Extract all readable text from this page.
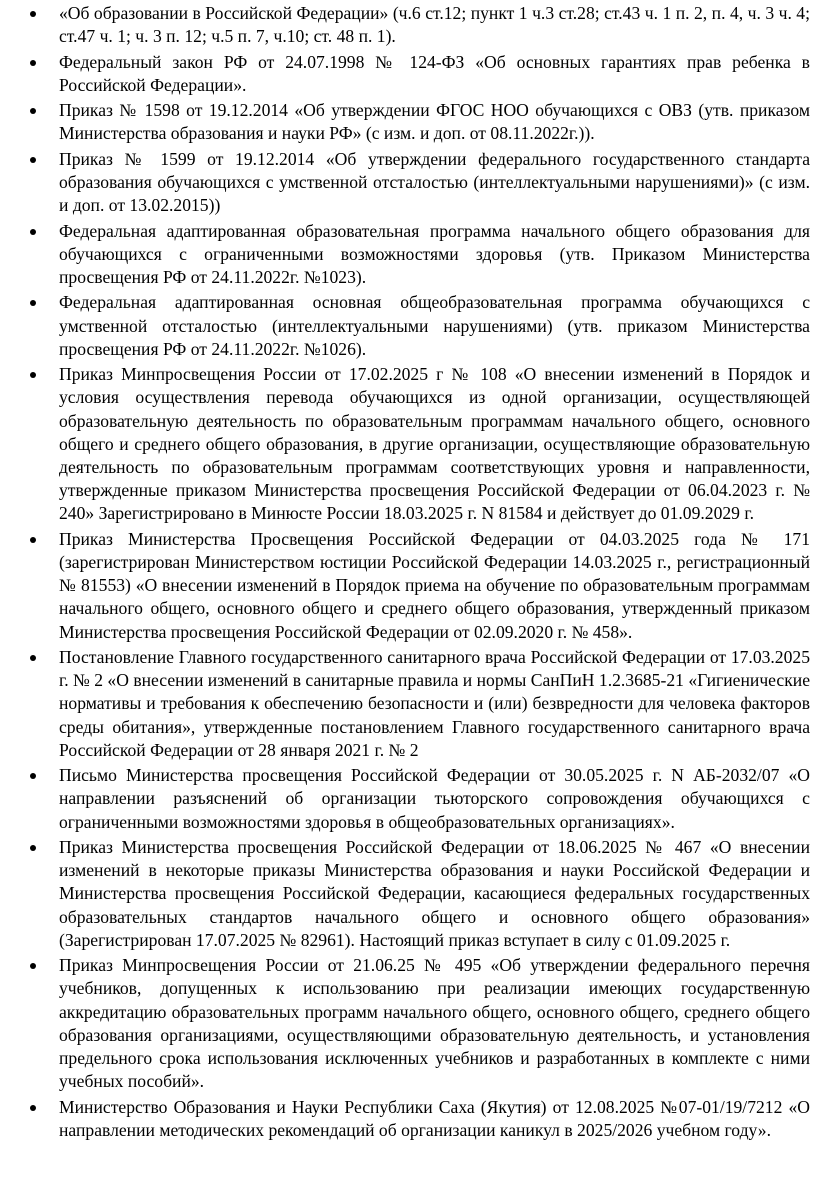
«Об образовании в Российской Федерации» (ч.6 ст.12; пункт 1 ч.3 ст.28; ст.43 ч. 1 п. 2, п. 4, ч. 3 ч. 4; ст.47 ч. 1; ч. 3 п. 12; ч.5 п. 7, ч.10; ст. 48 п. 1).
Федеральный закон РФ от 24.07.1998 № 124-ФЗ «Об основных гарантиях прав ребенка в Российской Федерации».
Приказ № 1598 от 19.12.2014 «Об утверждении ФГОС НОО обучающихся с ОВЗ (утв. приказом Министерства образования и науки РФ» (с изм. и доп. от 08.11.2022г.)).
Приказ № 1599 от 19.12.2014 «Об утверждении федерального государственного стандарта образования обучающихся с умственной отсталостью (интеллектуальными нарушениями)» (с изм. и доп. от 13.02.2015))
Федеральная адаптированная образовательная программа начального общего образования для обучающихся с ограниченными возможностями здоровья (утв. Приказом Министерства просвещения РФ от 24.11.2022г. №1023).
Федеральная адаптированная основная общеобразовательная программа обучающихся с умственной отсталостью (интеллектуальными нарушениями) (утв. приказом Министерства просвещения РФ от 24.11.2022г. №1026).
Приказ Минпросвещения России от 17.02.2025 г № 108 «О внесении изменений в Порядок и условия осуществления перевода обучающихся из одной организации, осуществляющей образовательную деятельность по образовательным программам начального общего, основного общего и среднего общего образования, в другие организации, осуществляющие образовательную деятельность по образовательным программам соответствующих уровня и направленности, утвержденные приказом Министерства просвещения Российской Федерации от 06.04.2023 г. № 240» Зарегистрировано в Минюсте России 18.03.2025 г. N 81584 и действует до 01.09.2029 г.
Приказ Министерства Просвещения Российской Федерации от 04.03.2025 года № 171 (зарегистрирован Министерством юстиции Российской Федерации 14.03.2025 г., регистрационный № 81553) «О внесении изменений в Порядок приема на обучение по образовательным программам начального общего, основного общего и среднего общего образования, утвержденный приказом Министерства просвещения Российской Федерации от 02.09.2020 г. № 458».
Постановление Главного государственного санитарного врача Российской Федерации от 17.03.2025 г. № 2 «О внесении изменений в санитарные правила и нормы СанПиН 1.2.3685-21 «Гигиенические нормативы и требования к обеспечению безопасности и (или) безвредности для человека факторов среды обитания», утвержденные постановлением Главного государственного санитарного врача Российской Федерации от 28 января 2021 г. № 2
Письмо Министерства просвещения Российской Федерации от 30.05.2025 г. N АБ-2032/07 «О направлении разъяснений об организации тьюторского сопровождения обучающихся с ограниченными возможностями здоровья в общеобразовательных организациях».
Приказ Министерства просвещения Российской Федерации от 18.06.2025 № 467 «О внесении изменений в некоторые приказы Министерства образования и науки Российской Федерации и Министерства просвещения Российской Федерации, касающиеся федеральных государственных образовательных стандартов начального общего и основного общего образования» (Зарегистрирован 17.07.2025 № 82961). Настоящий приказ вступает в силу с 01.09.2025 г.
Приказ Минпросвещения России от 21.06.25 № 495 «Об утверждении федерального перечня учебников, допущенных к использованию при реализации имеющих государственную аккредитацию образовательных программ начального общего, основного общего, среднего общего образования организациями, осуществляющими образовательную деятельность, и установления предельного срока использования исключенных учебников и разработанных в комплекте с ними учебных пособий».
Министерство Образования и Науки Республики Саха (Якутия) от 12.08.2025 №07-01/19/7212 «О направлении методических рекомендаций об организации каникул в 2025/2026 учебном году».
